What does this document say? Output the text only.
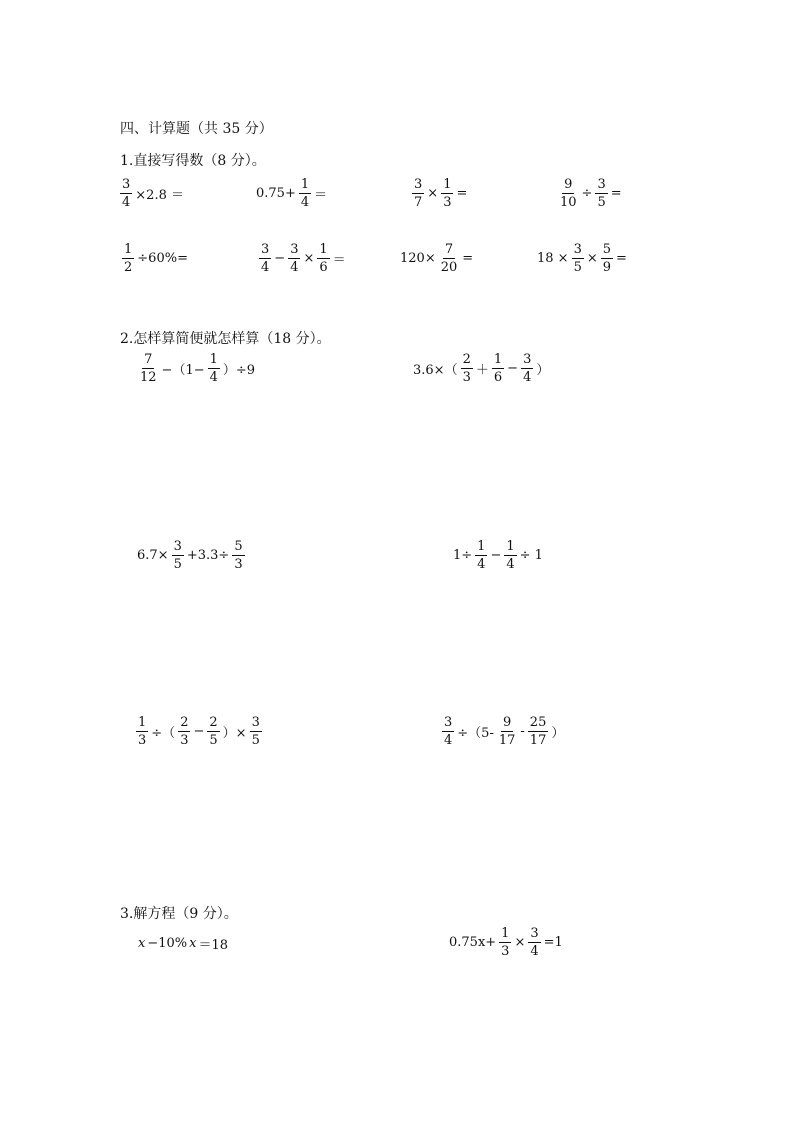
四、计算题（共 35 分）
1.直接写得数（8 分）。
$\frac{3}{4} \times 2.8$ ＝	$0.75+ \frac{1}{4}$ ＝	$\frac{3}{7} \times \frac{1}{3}$ =	$\frac{9}{10} \div \frac{3}{5}$ =
$\frac{1}{2} \div 60\%=$	$\frac{3}{4} - \frac{3}{4} \times \frac{1}{6}$ ＝	$120\times \frac{7}{20}$ =	$18 \times \frac{3}{5} \times \frac{5}{9}$ =
2.怎样算简便就怎样算（18 分）。
$\frac{7}{12} -(1- \frac{1}{4} )\div 9$	$3.6\times( \frac{2}{3} + \frac{1}{6} - \frac{3}{4}$ ）
$6.7\times \frac{3}{5} +3.3\div \frac{5}{3}$	$1\div \frac{1}{4} - \frac{1}{4} \div 1$
$\frac{1}{3}$ ÷（ $\frac{2}{3} - \frac{2}{5}$ ）× $\frac{3}{5}$	$\frac{3}{4} \div(5- \frac{9}{17} - \frac{25}{17}$ ）
3.解方程（9 分）。
x −10% x ＝18	$0.75x+ \frac{1}{3} \times \frac{3}{4} =1$
